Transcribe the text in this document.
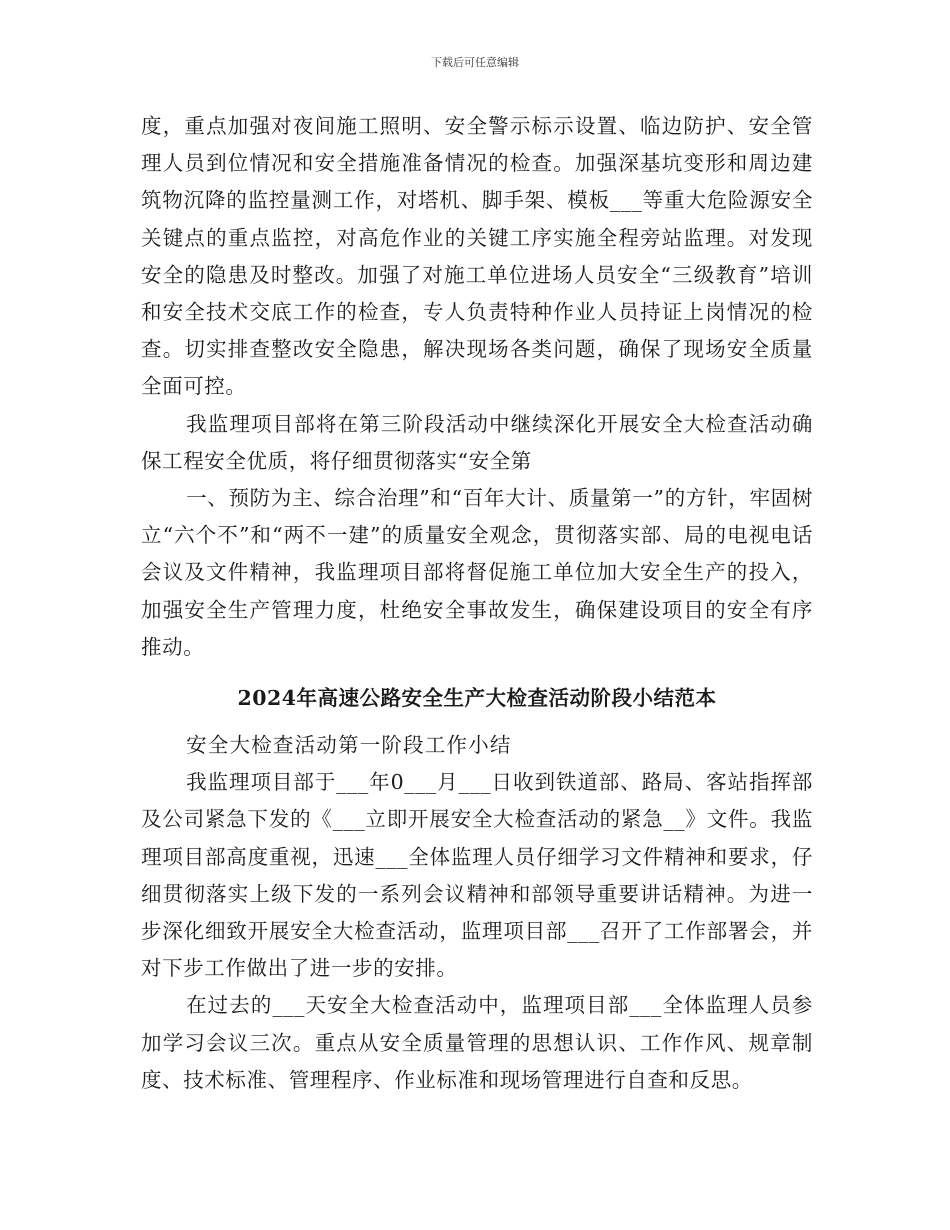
下载后可任意编辑

度，重点加强对夜间施工照明、安全警示标示设置、临边防护、安全管理人员到位情况和安全措施准备情况的检查。加强深基坑变形和周边建筑物沉降的监控量测工作，对塔机、脚手架、模板___等重大危险源安全关键点的重点监控，对高危作业的关键工序实施全程旁站监理。对发现安全的隐患及时整改。加强了对施工单位进场人员安全“三级教育”培训和安全技术交底工作的检查，专人负责特种作业人员持证上岗情况的检查。切实排查整改安全隐患，解决现场各类问题，确保了现场安全质量全面可控。

我监理项目部将在第三阶段活动中继续深化开展安全大检查活动确保工程安全优质，将仔细贯彻落实“安全第

一、预防为主、综合治理”和“百年大计、质量第一”的方针，牢固树立“六个不”和“两不一建”的质量安全观念，贯彻落实部、局的电视电话会议及文件精神，我监理项目部将督促施工单位加大安全生产的投入，加强安全生产管理力度，杜绝安全事故发生，确保建设项目的安全有序推动。

2024年高速公路安全生产大检查活动阶段小结范本

安全大检查活动第一阶段工作小结

我监理项目部于___年0___月___日收到铁道部、路局、客站指挥部及公司紧急下发的《___立即开展安全大检查活动的紧急__》文件。我监理项目部高度重视，迅速___全体监理人员仔细学习文件精神和要求，仔细贯彻落实上级下发的一系列会议精神和部领导重要讲话精神。为进一步深化细致开展安全大检查活动，监理项目部___召开了工作部署会，并对下步工作做出了进一步的安排。

在过去的___天安全大检查活动中，监理项目部___全体监理人员参加学习会议三次。重点从安全质量管理的思想认识、工作作风、规章制度、技术标准、管理程序、作业标准和现场管理进行自查和反思。
